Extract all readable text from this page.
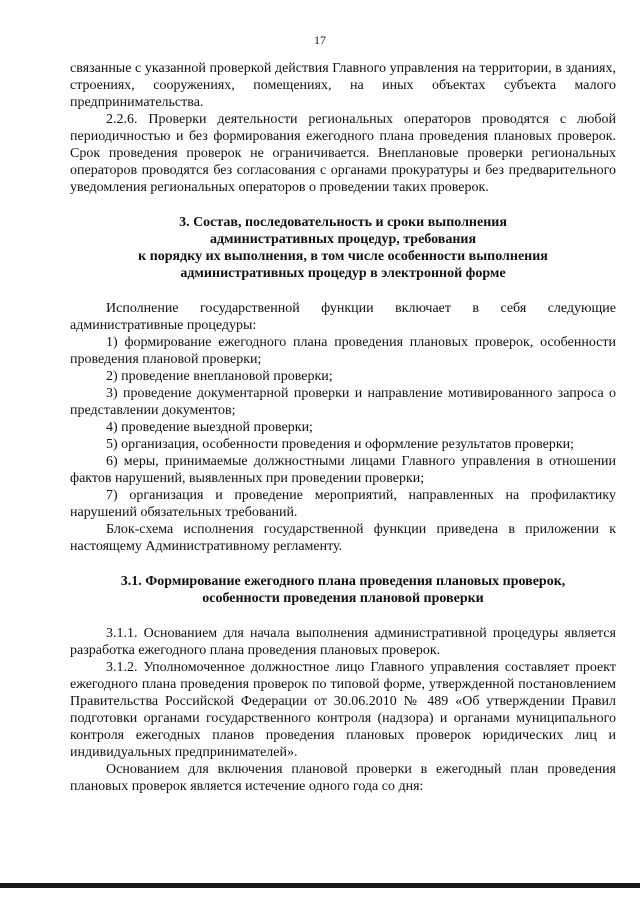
17

связанные с указанной проверкой действия Главного управления на территории, в зданиях, строениях, сооружениях, помещениях, на иных объектах субъекта малого предпринимательства.

2.2.6. Проверки деятельности региональных операторов проводятся с любой периодичностью и без формирования ежегодного плана проведения плановых проверок. Срок проведения проверок не ограничивается. Внеплановые проверки региональных операторов проводятся без согласования с органами прокуратуры и без предварительного уведомления региональных операторов о проведении таких проверок.

3. Состав, последовательность и сроки выполнения
административных процедур, требования
к порядку их выполнения, в том числе особенности выполнения
административных процедур в электронной форме

Исполнение государственной функции включает в себя следующие административные процедуры:

1) формирование ежегодного плана проведения плановых проверок, особенности проведения плановой проверки;

2) проведение внеплановой проверки;

3) проведение документарной проверки и направление мотивированного запроса о представлении документов;

4) проведение выездной проверки;

5) организация, особенности проведения и оформление результатов проверки;

6) меры, принимаемые должностными лицами Главного управления в отношении фактов нарушений, выявленных при проведении проверки;

7) организация и проведение мероприятий, направленных на профилактику нарушений обязательных требований.

Блок-схема исполнения государственной функции приведена в приложении к настоящему Административному регламенту.

3.1. Формирование ежегодного плана проведения плановых проверок,
особенности проведения плановой проверки

3.1.1. Основанием для начала выполнения административной процедуры является разработка ежегодного плана проведения плановых проверок.

3.1.2. Уполномоченное должностное лицо Главного управления составляет проект ежегодного плана проведения проверок по типовой форме, утвержденной постановлением Правительства Российской Федерации от 30.06.2010 № 489 «Об утверждении Правил подготовки органами государственного контроля (надзора) и органами муниципального контроля ежегодных планов проведения плановых проверок юридических лиц и индивидуальных предпринимателей».

Основанием для включения плановой проверки в ежегодный план проведения плановых проверок является истечение одного года со дня:
